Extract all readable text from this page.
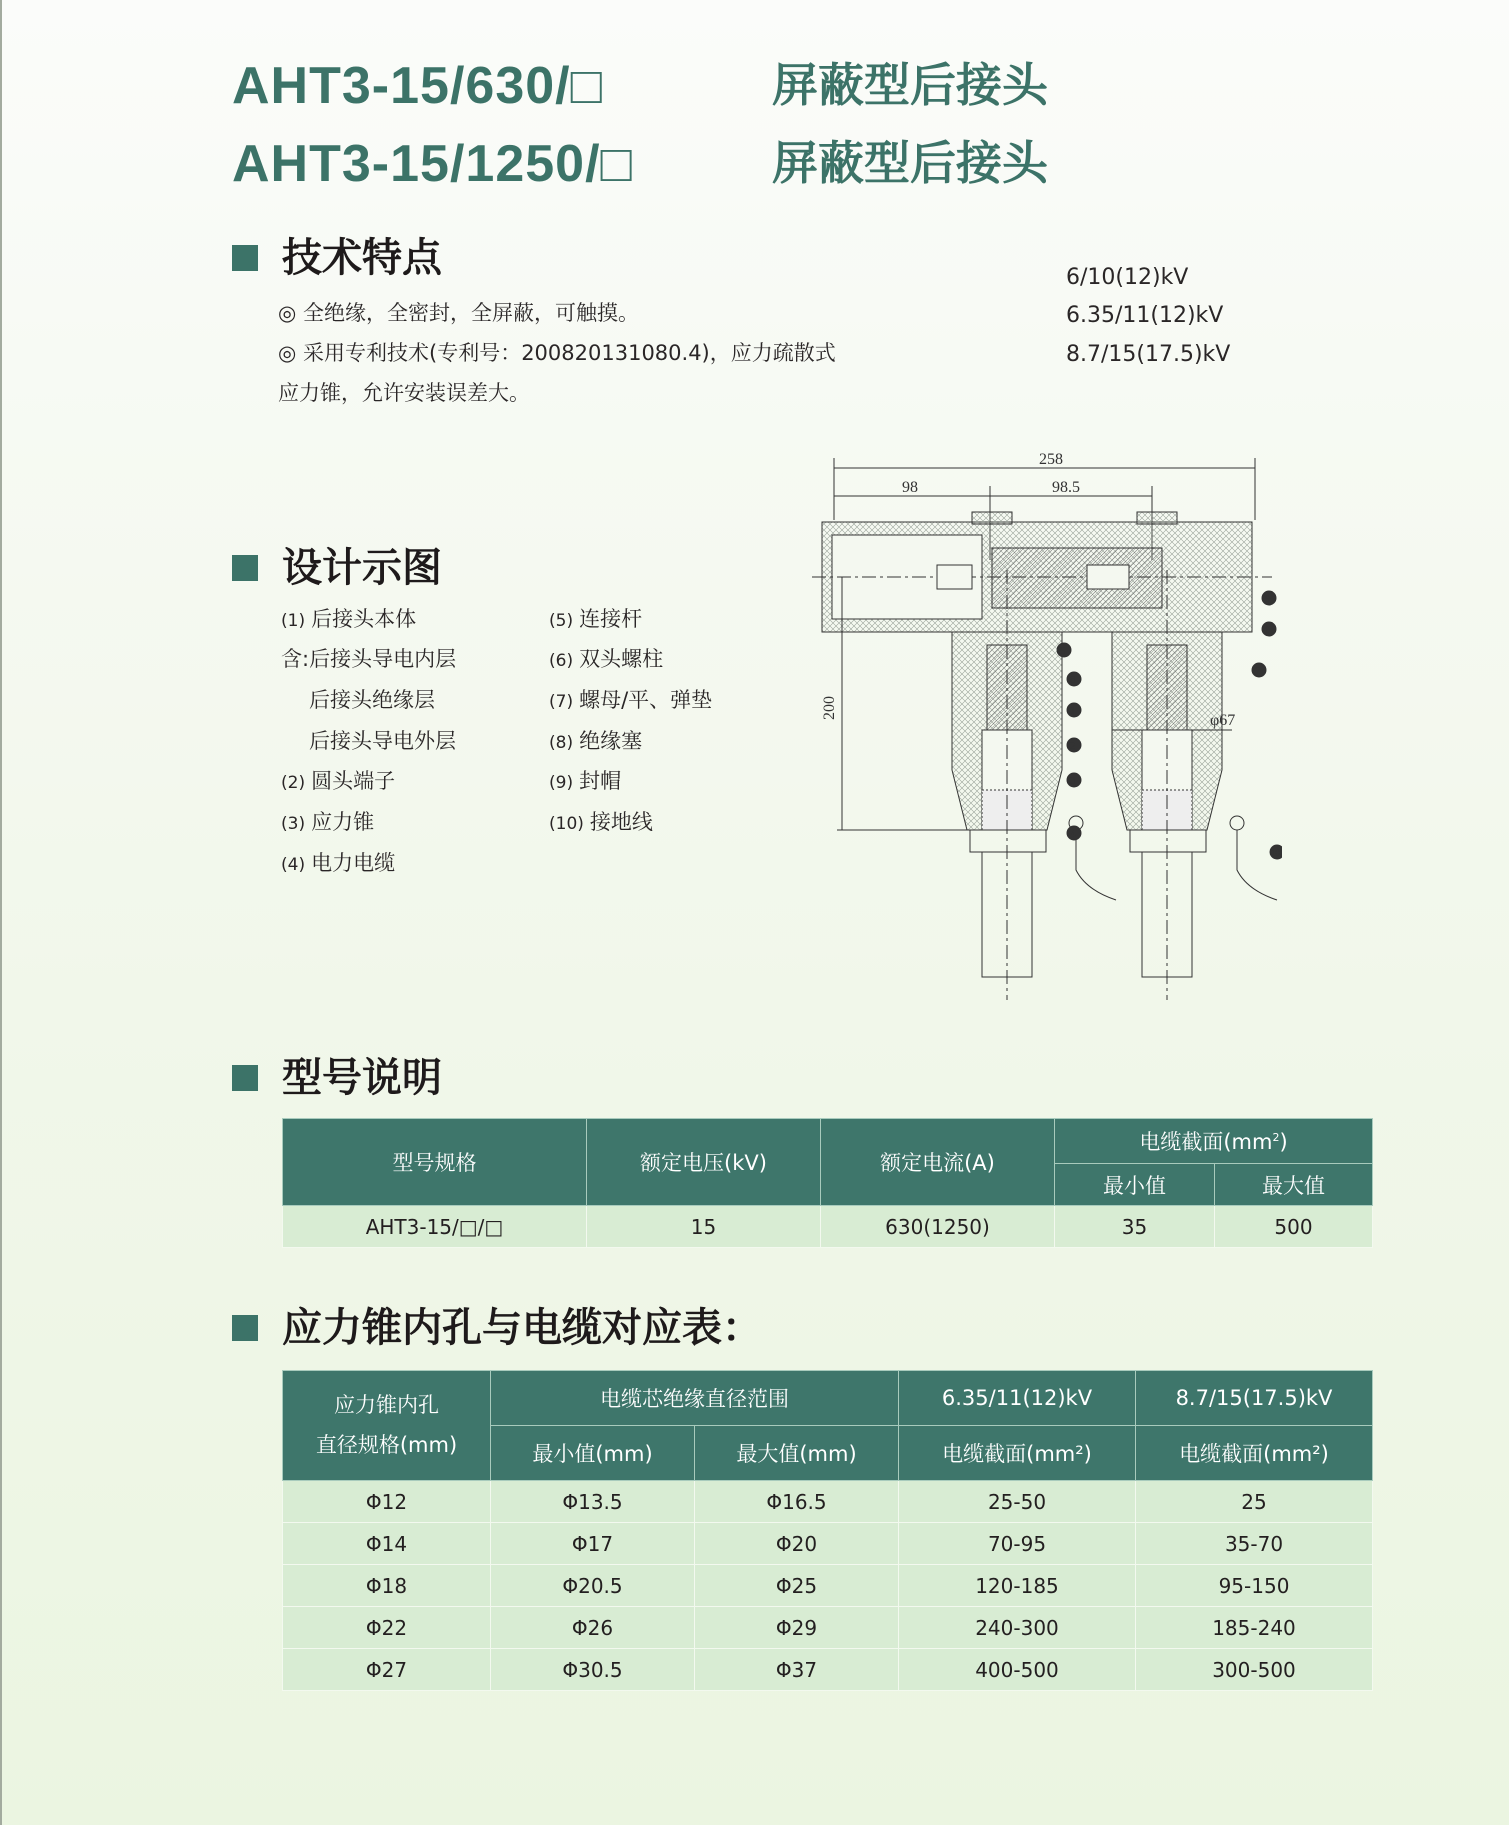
AHT3-15/630/□	屏蔽型后接头
AHT3-15/1250/□	屏蔽型后接头
技术特点
◎ 全绝缘，全密封，全屏蔽，可触摸。
◎ 采用专利技术(专利号：200820131080.4)，应力疏散式
应力锥，允许安装误差大。
6/10(12)kV
6.35/11(12)kV
8.7/15(17.5)kV
设计示图
(1) 后接头本体
含:后接头导电内层
后接头绝缘层
后接头导电外层
(2) 圆头端子
(3) 应力锥
(4) 电力电缆
(5) 连接杆
(6) 双头螺柱
(7) 螺母/平、弹垫
(8) 绝缘塞
(9) 封帽
(10) 接地线
258
98	98.5
200
φ67
5
6
1
2
3
4
7
8
9
10
型号说明
型号规格	额定电压(kV)	额定电流(A)	电缆截面$(mm^2)$	
			最小值	最大值
AHT3-15/□/□	15	630(1250)	35	500
应力锥内孔与电缆对应表：
应力锥内孔
直径规格(mm)	电缆芯绝缘直径范围		6.35/11(12)kV	8.7/15(17.5)kV
	最小值(mm)	最大值(mm)	电缆截面(mm²)	电缆截面(mm²)
Φ12	Φ13.5	Φ16.5	25-50	25
Φ14	Φ17	Φ20	70-95	35-70
Φ18	Φ20.5	Φ25	120-185	95-150
Φ22	Φ26	Φ29	240-300	185-240
Φ27	Φ30.5	Φ37	400-500	300-500
